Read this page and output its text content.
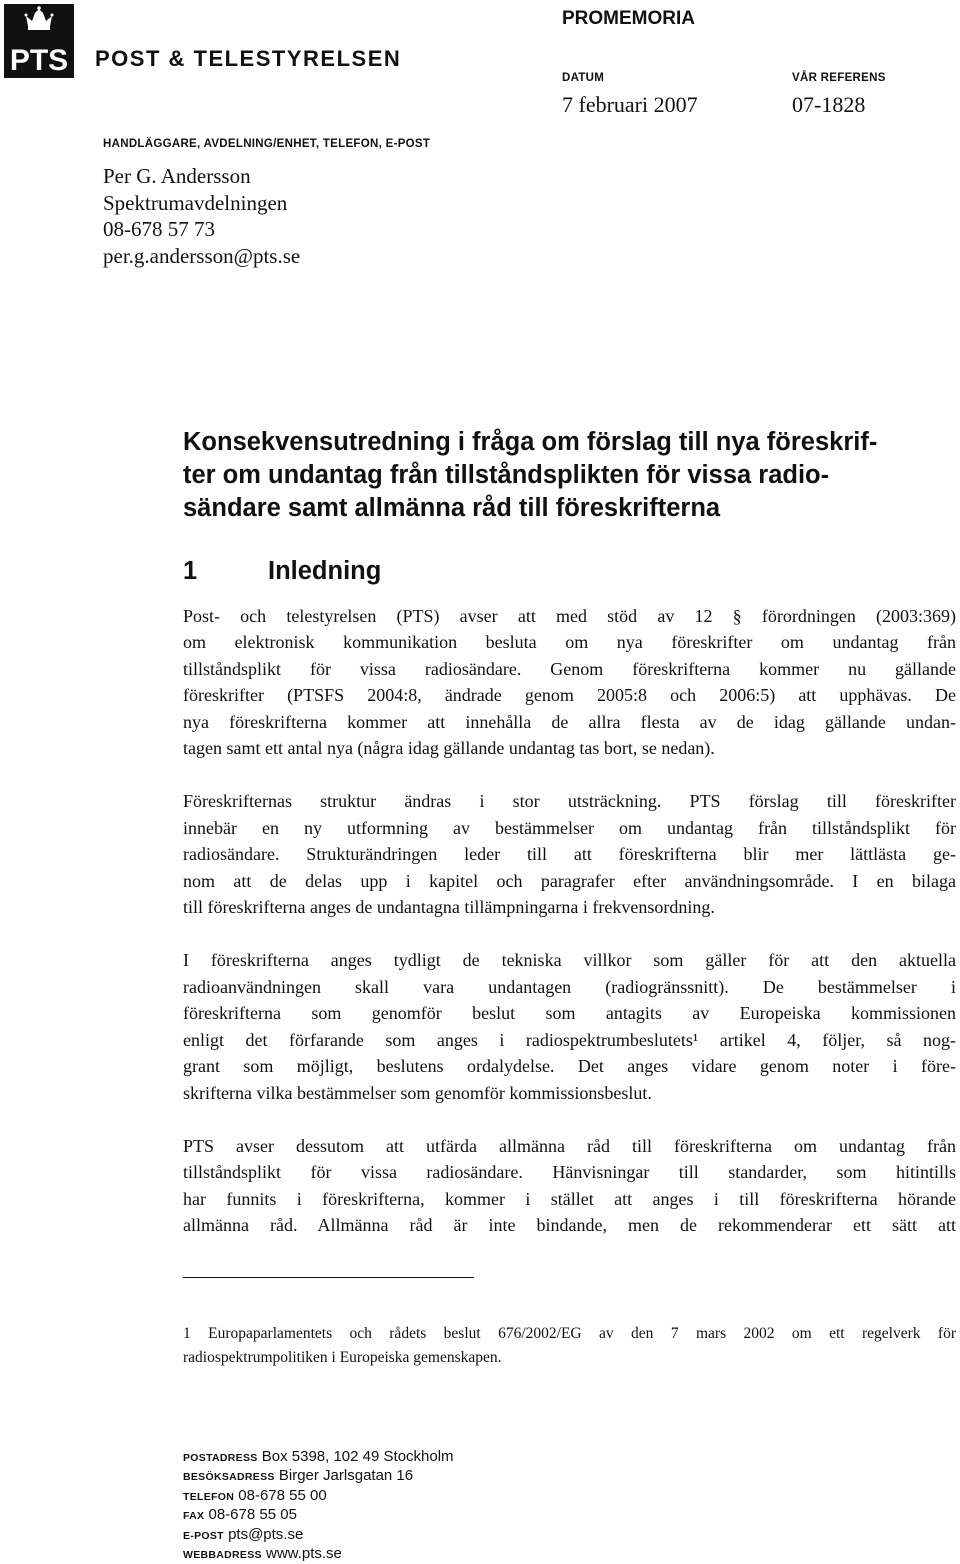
PTS POST & TELESTYRELSEN
PROMEMORIA
DATUM	VÅR REFERENS
7 februari 2007	07-1828
HANDLÄGGARE, AVDELNING/ENHET, TELEFON, E-POST
Per G. Andersson
Spektrumavdelningen
08-678 57 73
per.g.andersson@pts.se
Konsekvensutredning i fråga om förslag till nya föreskrif-
ter om undantag från tillståndsplikten för vissa radio-
sändare samt allmänna råd till föreskrifterna
1	Inledning
Post- och telestyrelsen (PTS) avser att med stöd av 12 § förordningen (2003:369)
om elektronisk kommunikation besluta om nya föreskrifter om undantag från
tillståndsplikt för vissa radiosändare. Genom föreskrifterna kommer nu gällande
föreskrifter (PTSFS 2004:8, ändrade genom 2005:8 och 2006:5) att upphävas. De
nya föreskrifterna kommer att innehålla de allra flesta av de idag gällande undan-
tagen samt ett antal nya (några idag gällande undantag tas bort, se nedan).
Föreskrifternas struktur ändras i stor utsträckning. PTS förslag till föreskrifter
innebär en ny utformning av bestämmelser om undantag från tillståndsplikt för
radiosändare. Strukturändringen leder till att föreskrifterna blir mer lättlästa ge-
nom att de delas upp i kapitel och paragrafer efter användningsområde. I en bilaga
till föreskrifterna anges de undantagna tillämpningarna i frekvensordning.
I föreskrifterna anges tydligt de tekniska villkor som gäller för att den aktuella
radioanvändningen skall vara undantagen (radiogränssnitt). De bestämmelser i
föreskrifterna som genomför beslut som antagits av Europeiska kommissionen
enligt det förfarande som anges i radiospektrumbeslutets¹ artikel 4, följer, så nog-
grant som möjligt, beslutens ordalydelse. Det anges vidare genom noter i före-
skrifterna vilka bestämmelser som genomför kommissionsbeslut.
PTS avser dessutom att utfärda allmänna råd till föreskrifterna om undantag från
tillståndsplikt för vissa radiosändare. Hänvisningar till standarder, som hitintills
har funnits i föreskrifterna, kommer i stället att anges i till föreskrifterna hörande
allmänna råd. Allmänna råd är inte bindande, men de rekommenderar ett sätt att
1 Europaparlamentets och rådets beslut 676/2002/EG av den 7 mars 2002 om ett regelverk för
radiospektrumpolitiken i Europeiska gemenskapen.
POSTADRESS Box 5398, 102 49 Stockholm
BESÖKSADRESS Birger Jarlsgatan 16
TELEFON 08-678 55 00
FAX 08-678 55 05
E-POST pts@pts.se
WEBBADRESS www.pts.se
